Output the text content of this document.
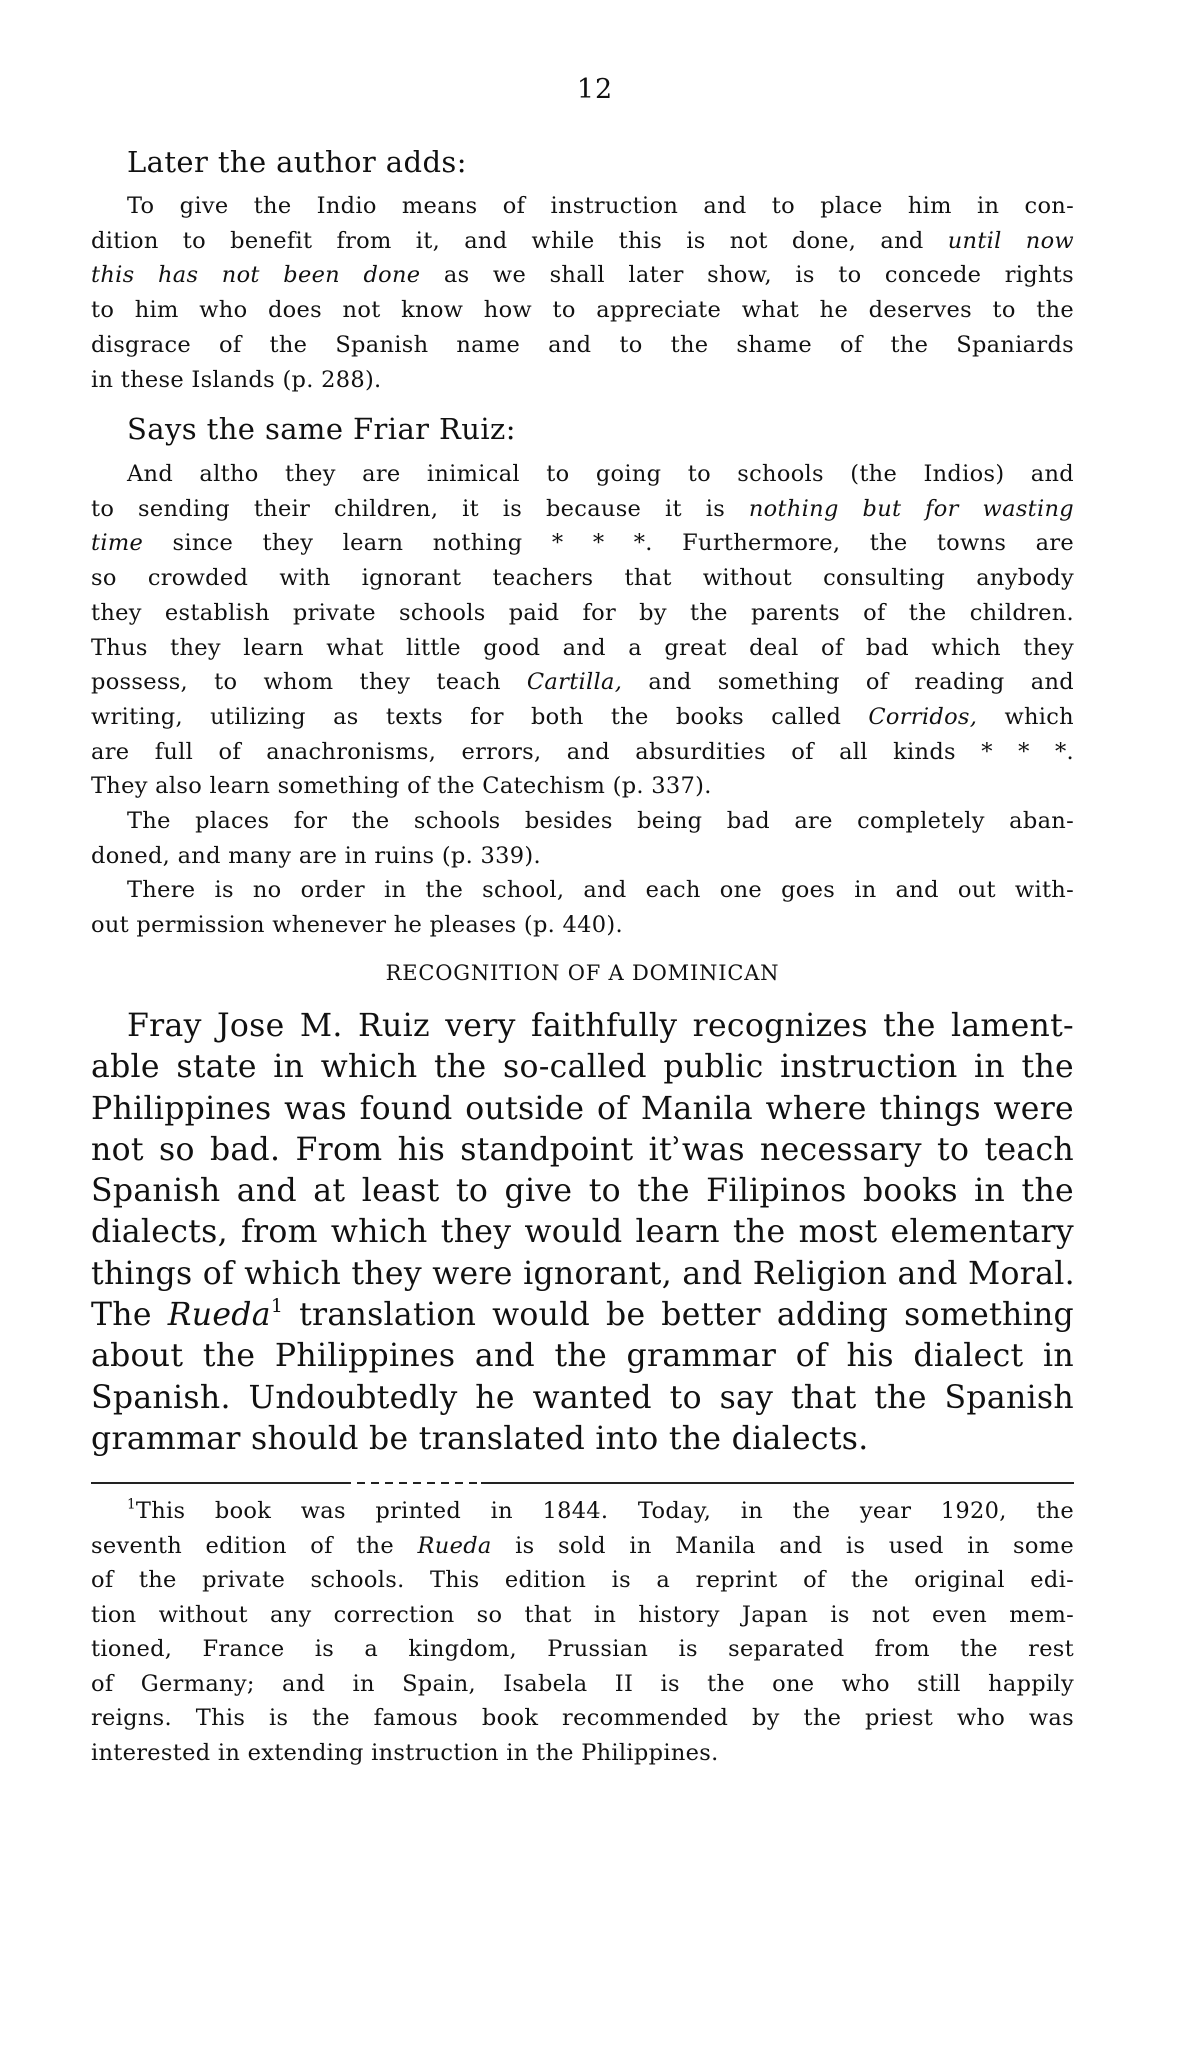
12

Later the author adds:

To give the Indio means of instruction and to place him in con-
dition to benefit from it, and while this is not done, and until now
this has not been done as we shall later show, is to concede rights
to him who does not know how to appreciate what he deserves to the
disgrace of the Spanish name and to the shame of the Spaniards
in these Islands (p. 288).

Says the same Friar Ruiz:

And altho they are inimical to going to schools (the Indios) and
to sending their children, it is because it is nothing but for wasting
time since they learn nothing * * *. Furthermore, the towns are
so crowded with ignorant teachers that without consulting anybody
they establish private schools paid for by the parents of the children.
Thus they learn what little good and a great deal of bad which they
possess, to whom they teach Cartilla, and something of reading and
writing, utilizing as texts for both the books called Corridos, which
are full of anachronisms, errors, and absurdities of all kinds * * *.
They also learn something of the Catechism (p. 337).
The places for the schools besides being bad are completely aban-
doned, and many are in ruins (p. 339).
There is no order in the school, and each one goes in and out with-
out permission whenever he pleases (p. 440).

RECOGNITION OF A DOMINICAN

Fray Jose M. Ruiz very faithfully recognizes the lament-
able state in which the so-called public instruction in the
Philippines was found outside of Manila where things were
not so bad. From his standpoint itʾwas necessary to teach
Spanish and at least to give to the Filipinos books in the
dialects, from which they would learn the most elementary
things of which they were ignorant, and Religion and Moral.
The Rueda$^1$ translation would be better adding something
about the Philippines and the grammar of his dialect in
Spanish. Undoubtedly he wanted to say that the Spanish
grammar should be translated into the dialects.
$^1$This book was printed in 1844. Today, in the year 1920, the
seventh edition of the Rueda is sold in Manila and is used in some
of the private schools. This edition is a reprint of the original edi-
tion without any correction so that in history Japan is not even mem-
tioned, France is a kingdom, Prussian is separated from the rest
of Germany; and in Spain, Isabela II is the one who still happily
reigns. This is the famous book recommended by the priest who was
interested in extending instruction in the Philippines.
